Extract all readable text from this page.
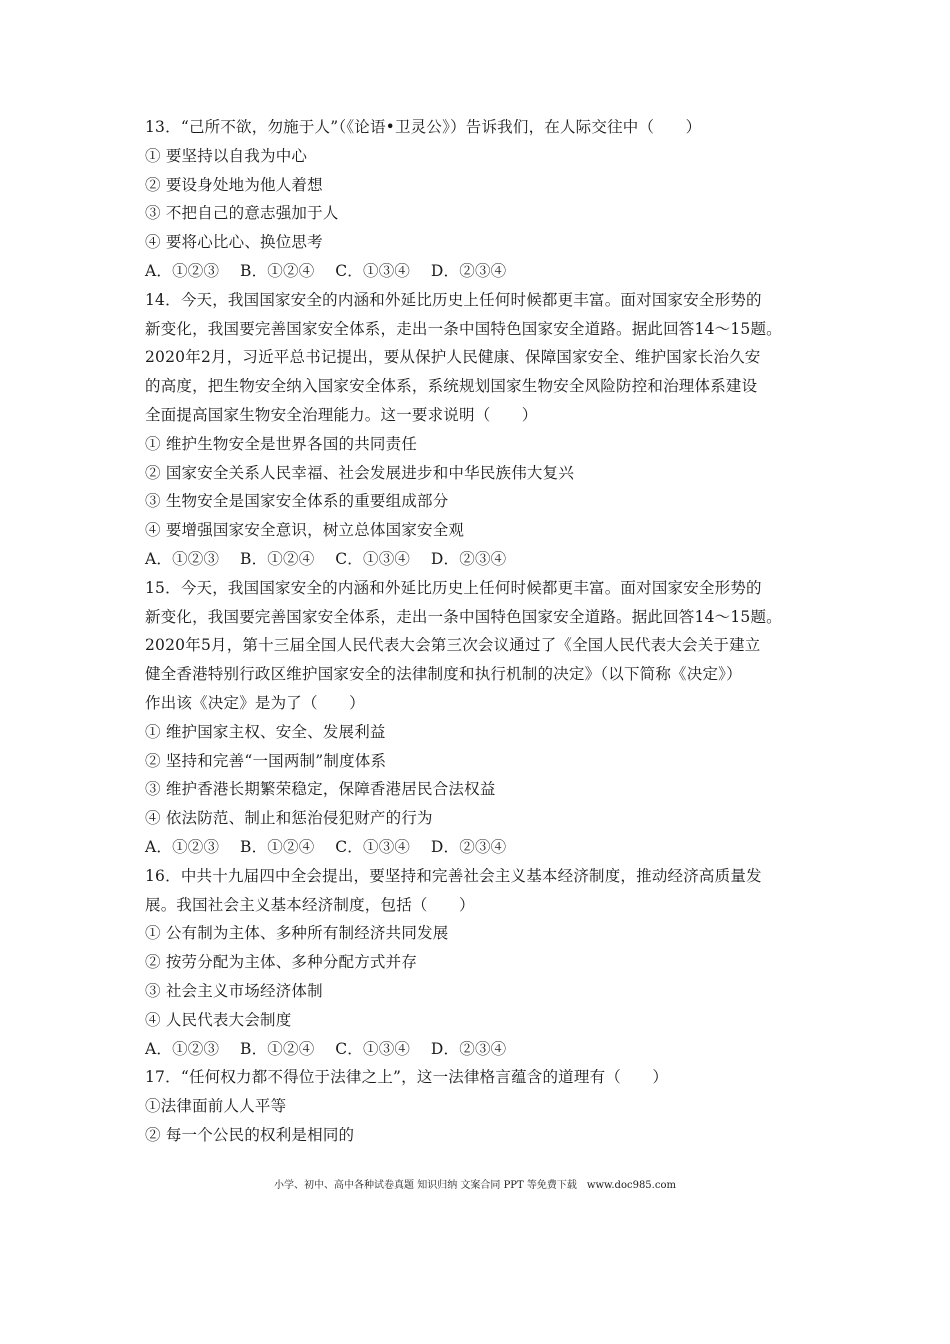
13．“己所不欲，勿施于人”（《论语•卫灵公》）告诉我们，在人际交往中（　　）
① 要坚持以自我为中心
② 要设身处地为他人着想
③ 不把自己的意志强加于人
④ 要将心比心、换位思考
A．①②③　 B．①②④　 C．①③④　 D．②③④
14．今天，我国国家安全的内涵和外延比历史上任何时候都更丰富。面对国家安全形势的
新变化，我国要完善国家安全体系，走出一条中国特色国家安全道路。据此回答14～15题。
2020年2月，习近平总书记提出，要从保护人民健康、保障国家安全、维护国家长治久安
的高度，把生物安全纳入国家安全体系，系统规划国家生物安全风险防控和治理体系建设
全面提高国家生物安全治理能力。这一要求说明（　　）
① 维护生物安全是世界各国的共同责任
② 国家安全关系人民幸福、社会发展进步和中华民族伟大复兴
③ 生物安全是国家安全体系的重要组成部分
④ 要增强国家安全意识，树立总体国家安全观
A．①②③　 B．①②④　 C．①③④　 D．②③④
15．今天，我国国家安全的内涵和外延比历史上任何时候都更丰富。面对国家安全形势的
新变化，我国要完善国家安全体系，走出一条中国特色国家安全道路。据此回答14～15题。
2020年5月，第十三届全国人民代表大会第三次会议通过了《全国人民代表大会关于建立
健全香港特别行政区维护国家安全的法律制度和执行机制的决定》（以下简称《决定》）
作出该《决定》是为了（　　）
① 维护国家主权、安全、发展利益
② 坚持和完善“一国两制”制度体系
③ 维护香港长期繁荣稳定，保障香港居民合法权益
④ 依法防范、制止和惩治侵犯财产的行为
A．①②③　 B．①②④　 C．①③④　 D．②③④
16．中共十九届四中全会提出，要坚持和完善社会主义基本经济制度，推动经济高质量发
展。我国社会主义基本经济制度，包括（　　）
① 公有制为主体、多种所有制经济共同发展
② 按劳分配为主体、多种分配方式并存
③ 社会主义市场经济体制
④ 人民代表大会制度
A．①②③　 B．①②④　 C．①③④　 D．②③④
17．“任何权力都不得位于法律之上”，这一法律格言蕴含的道理有（　　）
①法律面前人人平等
② 每一个公民的权利是相同的
小学、初中、高中各种试卷真题 知识归纳 文案合同 PPT 等免费下载　www.doc985.com
